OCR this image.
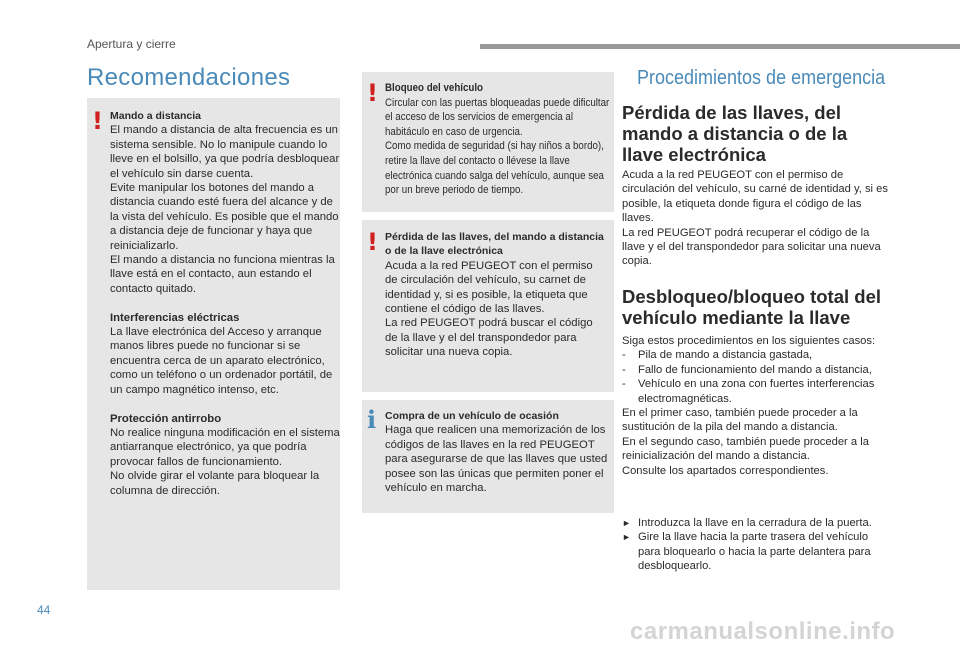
Apertura y cierre
Recomendaciones
! Mando a distancia
El mando a distancia de alta frecuencia es un sistema sensible. No lo manipule cuando lo lleve en el bolsillo, ya que podría desbloquear el vehículo sin darse cuenta.

Evite manipular los botones del mando a distancia cuando esté fuera del alcance y de la vista del vehículo. Es posible que el mando a distancia deje de funcionar y haya que reinicializarlo.

El mando a distancia no funciona mientras la llave está en el contacto, aun estando el contacto quitado.

Interferencias eléctricas
La llave electrónica del Acceso y arranque manos libres puede no funcionar si se encuentra cerca de un aparato electrónico, como un teléfono o un ordenador portátil, de un campo magnético intenso, etc.

Protección antirrobo
No realice ninguna modificación en el sistema antiarranque electrónico, ya que podría provocar fallos de funcionamiento.

No olvide girar el volante para bloquear la columna de dirección.

! Bloqueo del vehículo
Circular con las puertas bloqueadas puede dificultar el acceso de los servicios de emergencia al habitáculo en caso de urgencia.

Como medida de seguridad (si hay niños a bordo), retire la llave del contacto o llévese la llave electrónica cuando salga del vehículo, aunque sea por un breve periodo de tiempo.

! Pérdida de las llaves, del mando a distancia o de la llave electrónica
Acuda a la red PEUGEOT con el permiso de circulación del vehículo, su carnet de identidad y, si es posible, la etiqueta que contiene el código de las llaves.

La red PEUGEOT podrá buscar el código de la llave y el del transpondedor para solicitar una nueva copia.

i Compra de un vehículo de ocasión
Haga que realicen una memorización de los códigos de las llaves en la red PEUGEOT para asegurarse de que las llaves que usted posee son las únicas que permiten poner el vehículo en marcha.

Procedimientos de emergencia
Pérdida de las llaves, del
mando a distancia o de la
llave electrónica

Acuda a la red PEUGEOT con el permiso de circulación del vehículo, su carné de identidad y, si es posible, la etiqueta donde figura el código de las llaves.

La red PEUGEOT podrá recuperar el código de la llave y el del transpondedor para solicitar una nueva copia.

Desbloqueo/bloqueo total del
vehículo mediante la llave

Siga estos procedimientos en los siguientes casos:

- Pila de mando a distancia gastada,
- Fallo de funcionamiento del mando a distancia,
- Vehículo en una zona con fuertes interferencias electromagnéticas.

En el primer caso, también puede proceder a la sustitución de la pila del mando a distancia.

En el segundo caso, también puede proceder a la reinicialización del mando a distancia.

Consulte los apartados correspondientes.

► Introduzca la llave en la cerradura de la puerta.
► Gire la llave hacia la parte trasera del vehículo para bloquearlo o hacia la parte delantera para desbloquearlo.
44
carmanualsonline.info
